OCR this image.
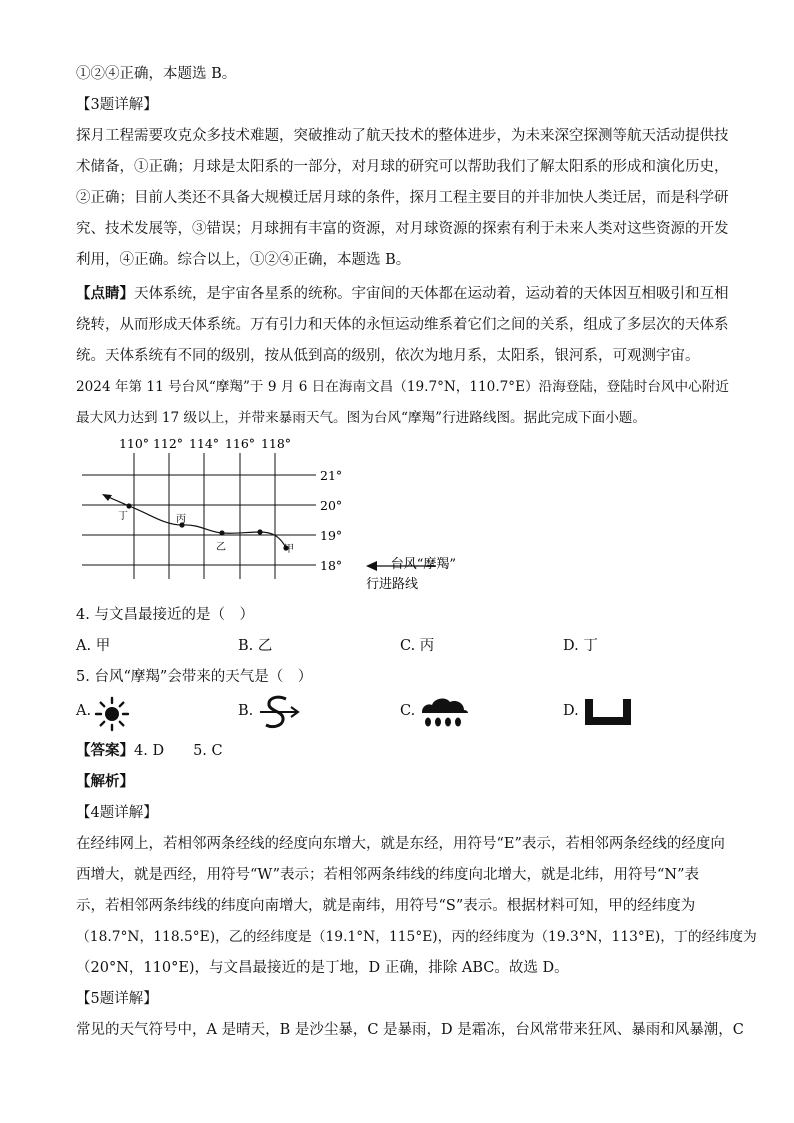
①②④正确，本题选 B。
【3题详解】
探月工程需要攻克众多技术难题，突破推动了航天技术的整体进步，为未来深空探测等航天活动提供技
术储备，①正确；月球是太阳系的一部分，对月球的研究可以帮助我们了解太阳系的形成和演化历史，
②正确；目前人类还不具备大规模迁居月球的条件，探月工程主要目的并非加快人类迁居，而是科学研
究、技术发展等，③错误；月球拥有丰富的资源，对月球资源的探索有利于未来人类对这些资源的开发
利用，④正确。综合以上，①②④正确，本题选 B。
【点睛】天体系统，是宇宙各星系的统称。宇宙间的天体都在运动着，运动着的天体因互相吸引和互相
绕转，从而形成天体系统。万有引力和天体的永恒运动维系着它们之间的关系，组成了多层次的天体系
统。天体系统有不同的级别，按从低到高的级别，依次为地月系，太阳系，银河系，可观测宇宙。
2024 年第 11 号台风“摩羯”于 9 月 6 日在海南文昌（19.7°N，110.7°E）沿海登陆，登陆时台风中心附近
最大风力达到 17 级以上，并带来暴雨天气。图为台风“摩羯”行进路线图。据此完成下面小题。
110° 112° 114° 116° 118°
21°
20°
19°
18°
丁	丙
乙	甲
台风“摩羯”
行进路线
4. 与文昌最接近的是（　）
A. 甲	B. 乙	C. 丙	D. 丁
5. 台风“摩羯”会带来的天气是（　）
A.	B.	C.	D.
【答案】4. D　　5. C
【解析】
【4题详解】
在经纬网上，若相邻两条经线的经度向东增大，就是东经，用符号“E”表示，若相邻两条经线的经度向
西增大，就是西经，用符号“W”表示；若相邻两条纬线的纬度向北增大，就是北纬，用符号“N”表
示，若相邻两条纬线的纬度向南增大，就是南纬，用符号“S”表示。根据材料可知，甲的经纬度为
（18.7°N，118.5°E)，乙的经纬度是（19.1°N，115°E)，丙的经纬度为（19.3°N，113°E)，丁的经纬度为
（20°N，110°E)，与文昌最接近的是丁地，D 正确，排除 ABC。故选 D。
【5题详解】
常见的天气符号中，A 是晴天，B 是沙尘暴，C 是暴雨，D 是霜冻，台风常带来狂风、暴雨和风暴潮，C
